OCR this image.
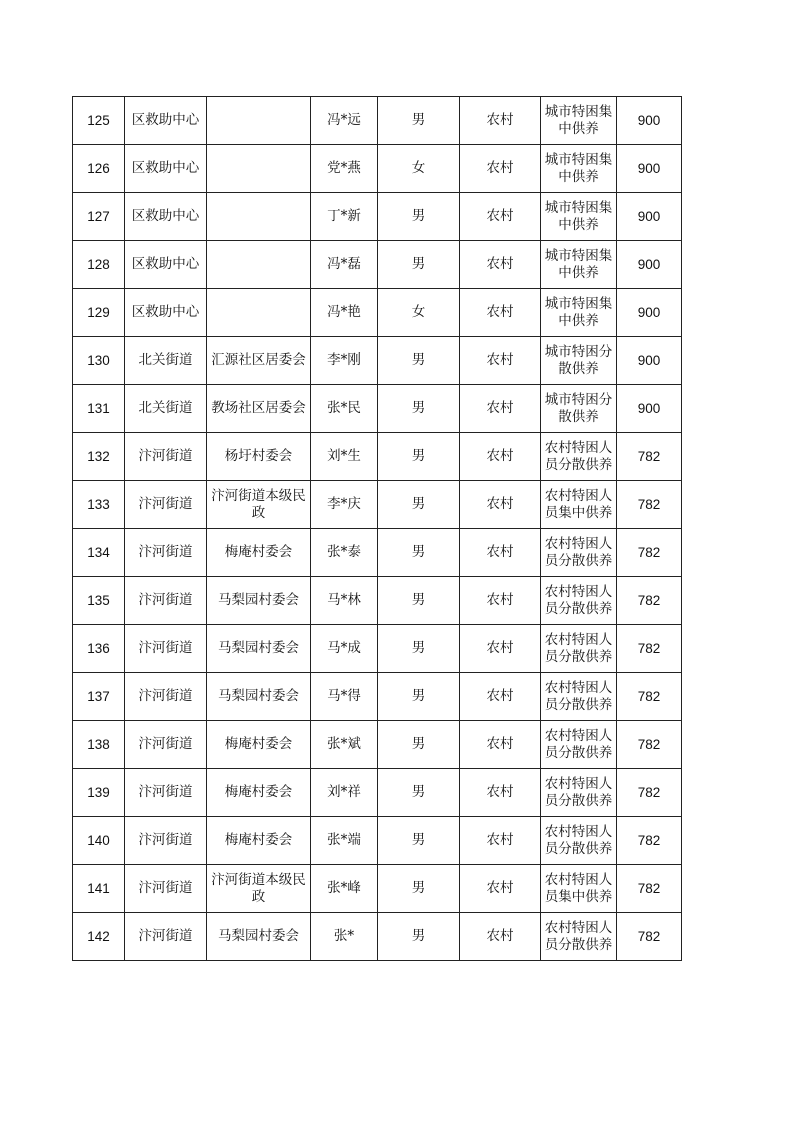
125	区救助中心		冯*远	男	农村	城市特困集中供养	900

126	区救助中心		党*燕	女	农村	城市特困集中供养	900

127	区救助中心		丁*新	男	农村	城市特困集中供养	900

128	区救助中心		冯*磊	男	农村	城市特困集中供养	900

129	区救助中心		冯*艳	女	农村	城市特困集中供养	900

130	北关街道	汇源社区居委会	李*刚	男	农村	城市特困分散供养	900

131	北关街道	教场社区居委会	张*民	男	农村	城市特困分散供养	900

132	汴河街道	杨圩村委会	刘*生	男	农村	农村特困人员分散供养	782

133	汴河街道	汴河街道本级民政	李*庆	男	农村	农村特困人员集中供养	782

134	汴河街道	梅庵村委会	张*泰	男	农村	农村特困人员分散供养	782

135	汴河街道	马梨园村委会	马*林	男	农村	农村特困人员分散供养	782

136	汴河街道	马梨园村委会	马*成	男	农村	农村特困人员分散供养	782

137	汴河街道	马梨园村委会	马*得	男	农村	农村特困人员分散供养	782

138	汴河街道	梅庵村委会	张*斌	男	农村	农村特困人员分散供养	782

139	汴河街道	梅庵村委会	刘*祥	男	农村	农村特困人员分散供养	782

140	汴河街道	梅庵村委会	张*端	男	农村	农村特困人员分散供养	782

141	汴河街道	汴河街道本级民政	张*峰	男	农村	农村特困人员集中供养	782

142	汴河街道	马梨园村委会	张*	男	农村	农村特困人员分散供养	782
